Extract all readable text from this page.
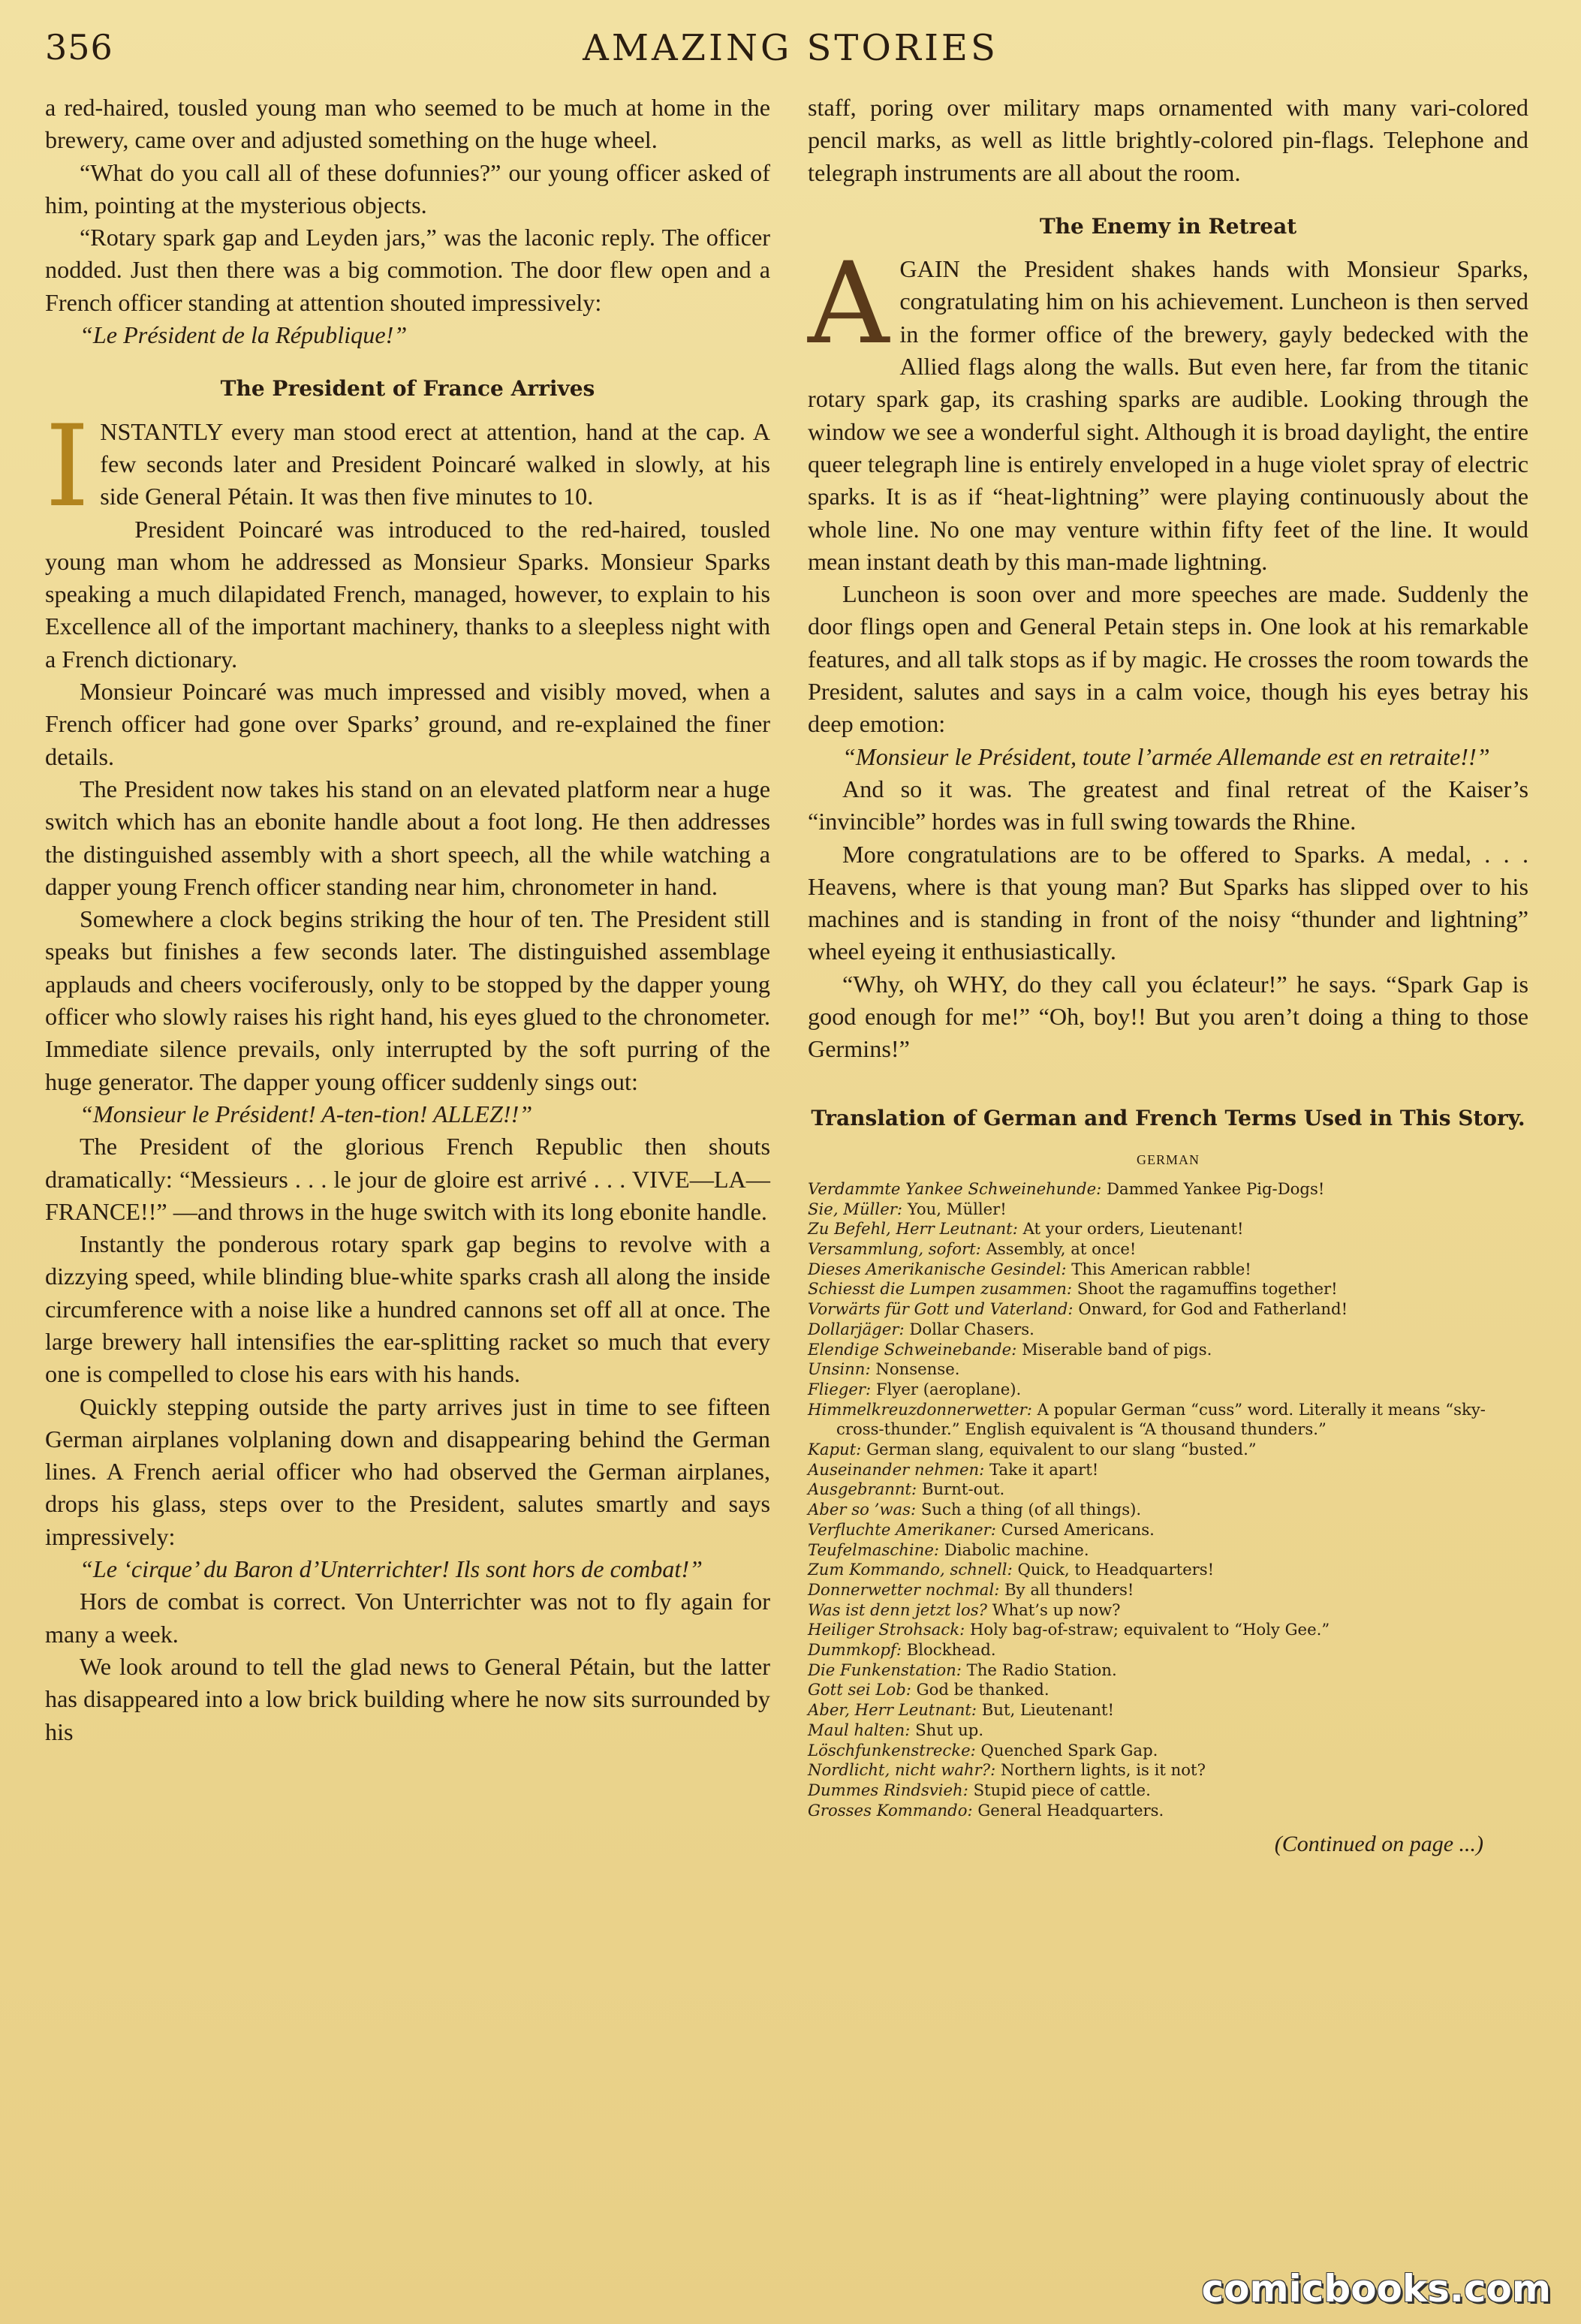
356	AMAZING STORIES

a red-haired, tousled young man who seemed to be much at home in the brewery, came over and adjusted something on the huge wheel.

“What do you call all of these dofunnies?” our young officer asked of him, pointing at the mysterious objects.

“Rotary spark gap and Leyden jars,” was the laconic reply. The officer nodded. Just then there was a big commotion. The door flew open and a French officer standing at attention shouted impressively:

“Le Président de la République!”

The President of France Arrives

INSTANTLY every man stood erect at attention, hand at the cap. A few seconds later and President Poincaré walked in slowly, at his side General Pétain. It was then five minutes to 10.

President Poincaré was introduced to the red-haired, tousled young man whom he addressed as Monsieur Sparks. Monsieur Sparks speaking a much dilapidated French, managed, however, to explain to his Excellence all of the important machinery, thanks to a sleepless night with a French dictionary.

Monsieur Poincaré was much impressed and visibly moved, when a French officer had gone over Sparks’ ground, and re-explained the finer details.

The President now takes his stand on an elevated platform near a huge switch which has an ebonite handle about a foot long. He then addresses the distinguished assembly with a short speech, all the while watching a dapper young French officer standing near him, chronometer in hand.

Somewhere a clock begins striking the hour of ten. The President still speaks but finishes a few seconds later. The distinguished assemblage applauds and cheers vociferously, only to be stopped by the dapper young officer who slowly raises his right hand, his eyes glued to the chronometer. Immediate silence prevails, only interrupted by the soft purring of the huge generator. The dapper young officer suddenly sings out:

“Monsieur le Président! A-ten-tion! ALLEZ!!”

The President of the glorious French Republic then shouts dramatically: “Messieurs . . . le jour de gloire est arrivé . . . VIVE—LA—FRANCE!!” —and throws in the huge switch with its long ebonite handle.

Instantly the ponderous rotary spark gap begins to revolve with a dizzying speed, while blinding blue-white sparks crash all along the inside circumference with a noise like a hundred cannons set off all at once. The large brewery hall intensifies the ear-splitting racket so much that every one is compelled to close his ears with his hands.

Quickly stepping outside the party arrives just in time to see fifteen German airplanes volplaning down and disappearing behind the German lines. A French aerial officer who had observed the German airplanes, drops his glass, steps over to the President, salutes smartly and says impressively:

“Le ‘cirque’ du Baron d’Unterrichter! Ils sont hors de combat!”

Hors de combat is correct. Von Unterrichter was not to fly again for many a week.

We look around to tell the glad news to General Pétain, but the latter has disappeared into a low brick building where he now sits surrounded by his

staff, poring over military maps ornamented with many vari-colored pencil marks, as well as little brightly-colored pin-flags. Telephone and telegraph instruments are all about the room.

The Enemy in Retreat

AGAIN the President shakes hands with Monsieur Sparks, congratulating him on his achievement. Luncheon is then served in the former office of the brewery, gayly bedecked with the Allied flags along the walls. But even here, far from the titanic rotary spark gap, its crashing sparks are audible. Looking through the window we see a wonderful sight. Although it is broad daylight, the entire queer telegraph line is entirely enveloped in a huge violet spray of electric sparks. It is as if “heat-lightning” were playing continuously about the whole line. No one may venture within fifty feet of the line. It would mean instant death by this man-made lightning.

Luncheon is soon over and more speeches are made. Suddenly the door flings open and General Petain steps in. One look at his remarkable features, and all talk stops as if by magic. He crosses the room towards the President, salutes and says in a calm voice, though his eyes betray his deep emotion:

“Monsieur le Président, toute l’armée Allemande est en retraite!!”

And so it was. The greatest and final retreat of the Kaiser’s “invincible” hordes was in full swing towards the Rhine.

More congratulations are to be offered to Sparks. A medal, . . . Heavens, where is that young man? But Sparks has slipped over to his machines and is standing in front of the noisy “thunder and lightning” wheel eyeing it enthusiastically.

“Why, oh WHY, do they call you éclateur!” he says. “Spark Gap is good enough for me!” “Oh, boy!! But you aren’t doing a thing to those Germins!”

Translation of German and French Terms Used in This Story.
GERMAN
Verdammte Yankee Schweinehunde: Dammed Yankee Pig-Dogs!
Sie, Müller: You, Müller!
Zu Befehl, Herr Leutnant: At your orders, Lieutenant!
Versammlung, sofort: Assembly, at once!
Dieses Amerikanische Gesindel: This American rabble!
Schiesst die Lumpen zusammen: Shoot the ragamuffins together!
Vorwärts für Gott und Vaterland: Onward, for God and Fatherland!
Dollarjäger: Dollar Chasers.
Elendige Schweinebande: Miserable band of pigs.
Unsinn: Nonsense.
Flieger: Flyer (aeroplane).
Himmelkreuzdonnerwetter: A popular German “cuss” word. Literally it means “sky-cross-thunder.” English equivalent is “A thousand thunders.”
Kaput: German slang, equivalent to our slang “busted.”
Auseinander nehmen: Take it apart!
Ausgebrannt: Burnt-out.
Aber so ’was: Such a thing (of all things).
Verfluchte Amerikaner: Cursed Americans.
Teufelmaschine: Diabolic machine.
Zum Kommando, schnell: Quick, to Headquarters!
Donnerwetter nochmal: By all thunders!
Was ist denn jetzt los? What’s up now?
Heiliger Strohsack: Holy bag-of-straw; equivalent to “Holy Gee.”
Dummkopf: Blockhead.
Die Funkenstation: The Radio Station.
Gott sei Lob: God be thanked.
Aber, Herr Leutnant: But, Lieutenant!
Maul halten: Shut up.
Löschfunkenstrecke: Quenched Spark Gap.
Nordlicht, nicht wahr?: Northern lights, is it not?
Dummes Rindsvieh: Stupid piece of cattle.
Grosses Kommando: General Headquarters.
(Continued on page ...)
comicbooks.com
